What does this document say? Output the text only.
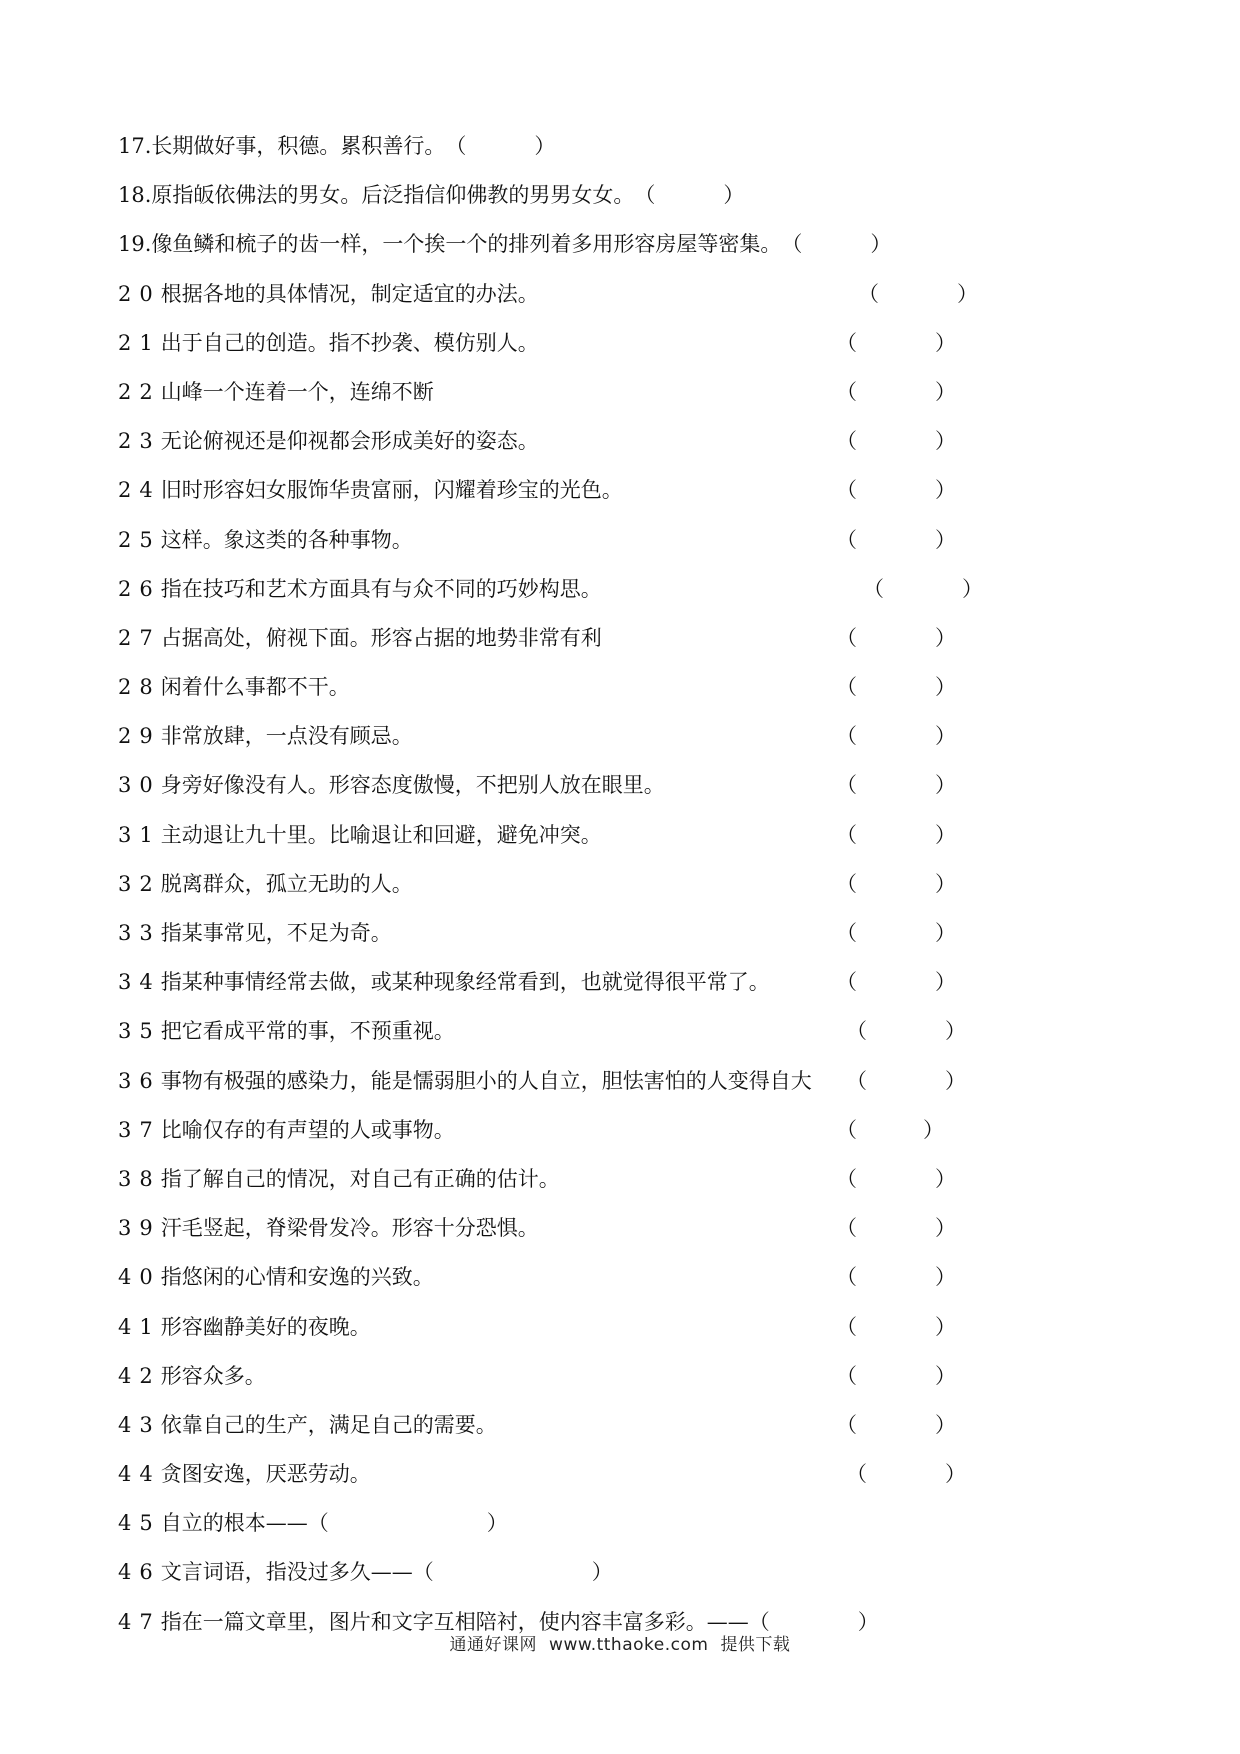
17.长期做好事，积德。累积善行。 （	）
18.原指皈依佛法的男女。后泛指信仰佛教的男男女女。 （	）
19.像鱼鳞和梳子的齿一样，一个挨一个的排列着多用形容房屋等密集。 （	）
20根据各地的具体情况，制定适宜的办法。	（	）
21出于自己的创造。指不抄袭、模仿别人。	（	）
22山峰一个连着一个，连绵不断	（	）
23无论俯视还是仰视都会形成美好的姿态。	（	）
24旧时形容妇女服饰华贵富丽，闪耀着珍宝的光色。	（	）
25这样。象这类的各种事物。	（	）
26指在技巧和艺术方面具有与众不同的巧妙构思。	（	）
27占据高处，俯视下面。形容占据的地势非常有利	（	）
28闲着什么事都不干。	（	）
29非常放肆，一点没有顾忌。	（	）
30身旁好像没有人。形容态度傲慢，不把别人放在眼里。	（	）
31主动退让九十里。比喻退让和回避，避免冲突。	（	）
32脱离群众，孤立无助的人。	（	）
33指某事常见，不足为奇。	（	）
34指某种事情经常去做，或某种现象经常看到，也就觉得很平常了。	（	）
35把它看成平常的事，不预重视。	（	）
36事物有极强的感染力，能是懦弱胆小的人自立，胆怯害怕的人变得自大 （	）
37比喻仅存的有声望的人或事物。	（	）
38指了解自己的情况，对自己有正确的估计。	（	）
39汗毛竖起，脊梁骨发冷。形容十分恐惧。	（	）
40指悠闲的心情和安逸的兴致。	（	）
41形容幽静美好的夜晚。	（	）
42形容众多。	（	）
43依靠自己的生产，满足自己的需要。	（	）
44贪图安逸，厌恶劳动。	（	）
45自立的根本—— （	）
46文言词语，指没过多久—— （	）
47指在一篇文章里，图片和文字互相陪衬，使内容丰富多彩。—— （	）
通通好课网 www.tthaoke.com 提供下载
